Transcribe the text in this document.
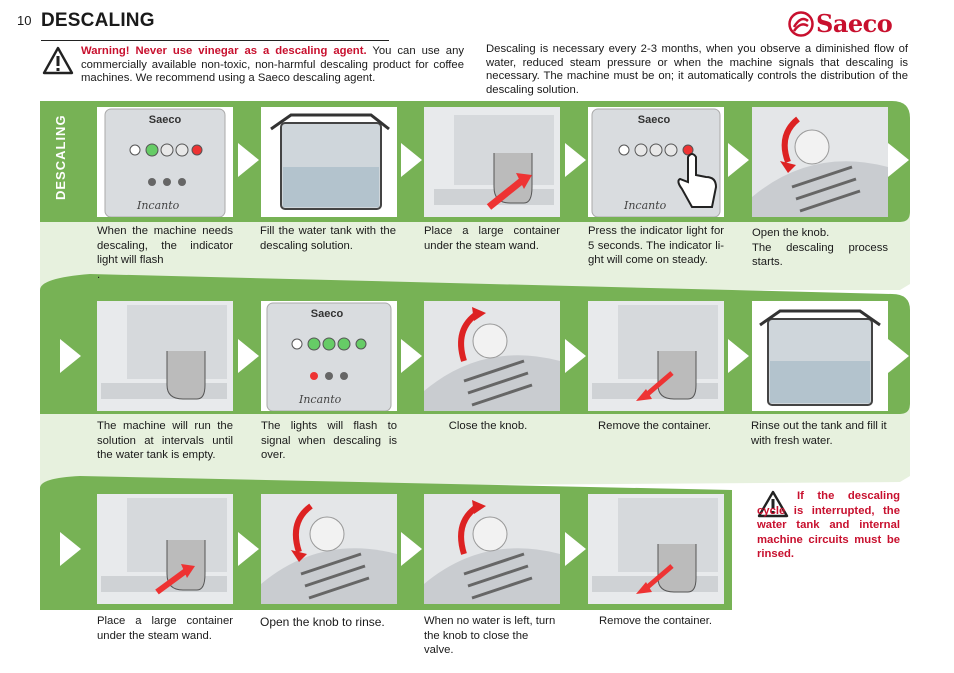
10 DESCALING	Saeco
Warning! Never use vinegar as a descaling agent. You can use any commercially available non-toxic, non-harmful descaling product for coffee machines. We recommend using a Saeco descaling agent.
Descaling is necessary every 2-3 months, when you observe a diminished flow of water, reduced steam pressure or when the machine signals that descaling is necessary. The machine must be on; it automatically controls the distribution of the descaling solution.
DESCALING	Saeco
Incanto
Saeco
Incanto
When the machine needs descaling, the indicator light will flash
.
Fill the water tank with the descaling solution.
Place a large container under the steam wand.
Press the indicator light for 5 seconds. The indicator li-ght will come on steady.
Open the knob.
The descaling process starts.
Saeco
Incanto
The machine will run the solution at intervals until the water tank is empty.
The lights will flash to signal when descaling is over.
Close the knob.	Remove the container.	Rinse out the tank and fill it with fresh water.
Place a large container under the steam wand.
Open the knob to rinse.	When no water is left, turn the knob to close the valve.
Remove the container.
If the descaling cycle is interrupted, the water tank and internal machine circuits must be rinsed.
